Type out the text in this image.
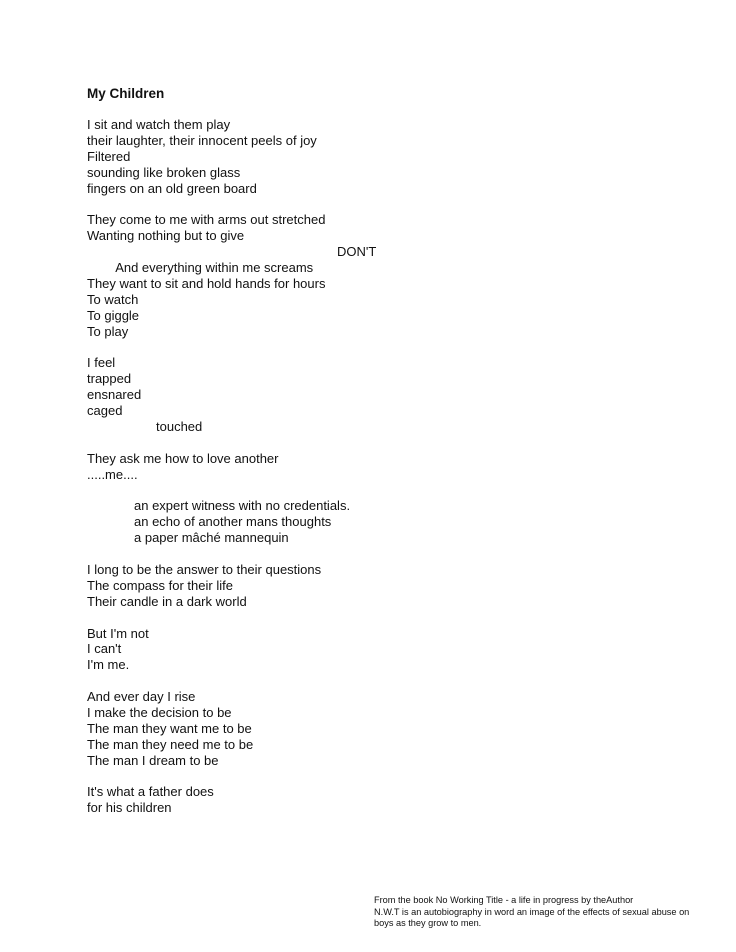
My Children
I sit and watch them play
their laughter, their innocent peels of joy
Filtered
sounding like broken glass
fingers on an old green board
They come to me with arms out stretched
Wanting nothing but to give

And everything within me screams

DON'T

They want to sit and hold hands for hours
To watch
To giggle
To play
I feel
trapped
ensnared
caged
touched
They ask me how to love another
.....me....
an expert witness with no credentials.
an echo of another mans thoughts
a paper mâché mannequin
I long to be the answer to their questions
The compass for their life
Their candle in a dark world
But I'm not
I can't
I'm me.
And ever day I rise
I make the decision to be
The man they want me to be
The man they need me to be
The man I dream to be
It's what a father does
for his children
From the book No Working Title - a life in progress by theAuthor
N.W.T is an autobiography in word an image of the effects of sexual abuse on
boys as they grow to men.
